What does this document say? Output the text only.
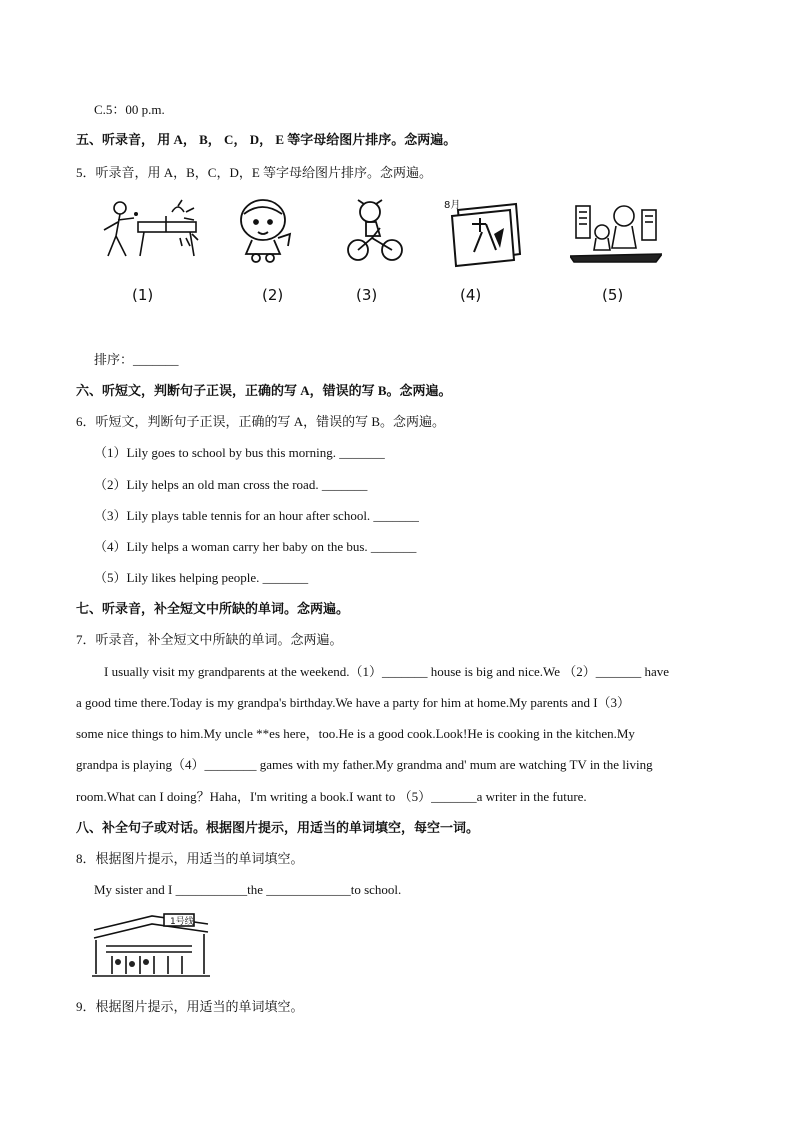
C.5：00 p.m.
五、听录音， 用 A， B， C， D， E 等字母给图片排序。念两遍。
5．听录音，用 A，B，C，D，E 等字母给图片排序。念两遍。
8月
(1)	(2)	(3)	(4)	(5)
排序：_______
六、听短文，判断句子正误，正确的写 A，错误的写 B。念两遍。
6．听短文，判断句子正误，正确的写 A，错误的写 B。念两遍。
（1）Lily goes to school by bus this morning. _______
（2）Lily helps an old man cross the road. _______
（3）Lily plays table tennis for an hour after school. _______
（4）Lily helps a woman carry her baby on the bus. _______
（5）Lily likes helping people. _______
七、听录音，补全短文中所缺的单词。念两遍。
7．听录音，补全短文中所缺的单词。念两遍。
I usually visit my grandparents at the weekend.（1）_______ house is big and nice.We （2）_______ have
a good time there.Today is my grandpa's birthday.We have a party for him at home.My parents and I（3）
some nice things to him.My uncle **es here，too.He is a good cook.Look!He is cooking in the kitchen.My
grandpa is playing（4）________ games with my father.My grandma and' mum are watching TV in the living
room.What can I doing？Haha，I'm writing a book.I want to （5）_______a writer in the future.
八、补全句子或对话。根据图片提示，用适当的单词填空，每空一词。
8．根据图片提示，用适当的单词填空。
My sister and I ___________the _____________to school.
1号线
9．根据图片提示，用适当的单词填空。
